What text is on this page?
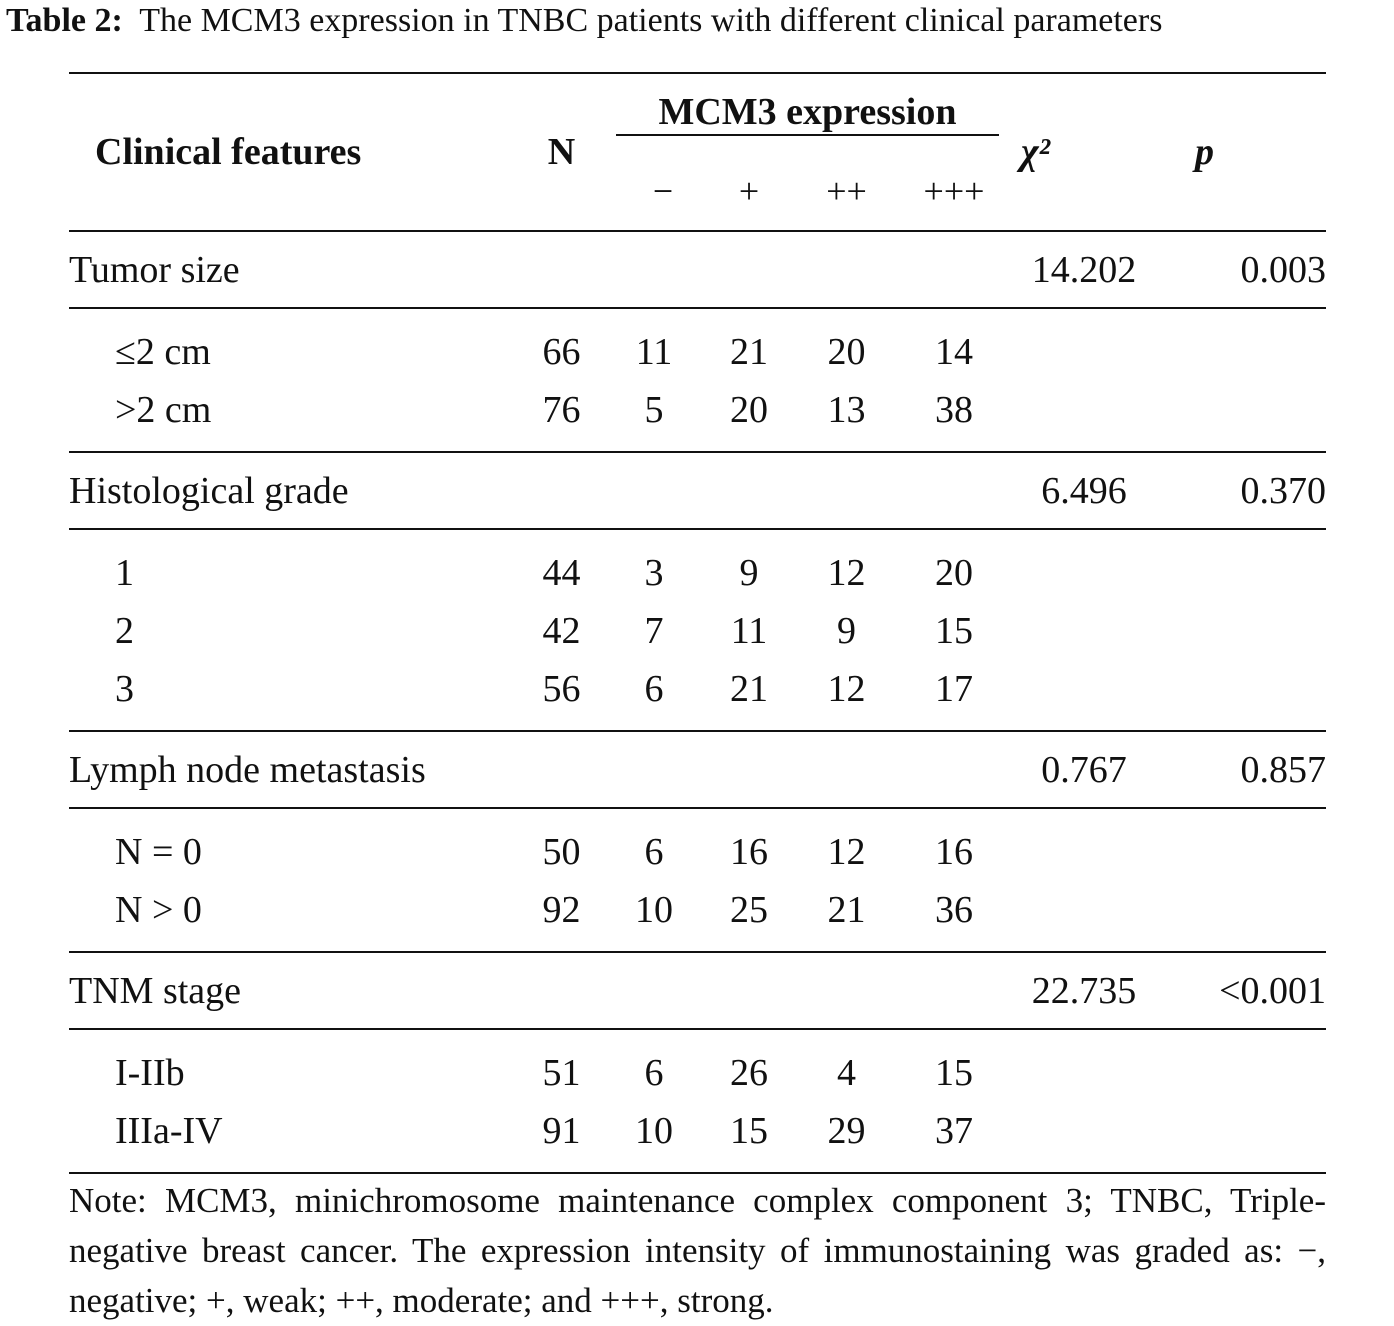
Table 2: The MCM3 expression in TNBC patients with different clinical parameters
Clinical features	N	MCM3 expression				χ²	p
		−	+	++	+++		
Tumor size						14.202	0.003
≤2 cm	66	11	21	20	14		
>2 cm	76	5	20	13	38		
Histological grade						6.496	0.370
1	44	3	9	12	20		
2	42	7	11	9	15		
3	56	6	21	12	17		
Lymph node metastasis						0.767	0.857
N = 0	50	6	16	12	16		
N > 0	92	10	25	21	36		
TNM stage						22.735	<0.001
I-IIb	51	6	26	4	15		
IIIa-IV	91	10	15	29	37		
Note: MCM3, minichromosome maintenance complex component 3; TNBC, Triple-negative breast cancer. The expression intensity of immunostaining was graded as: −, negative; +, weak; ++, moderate; and +++, strong.
